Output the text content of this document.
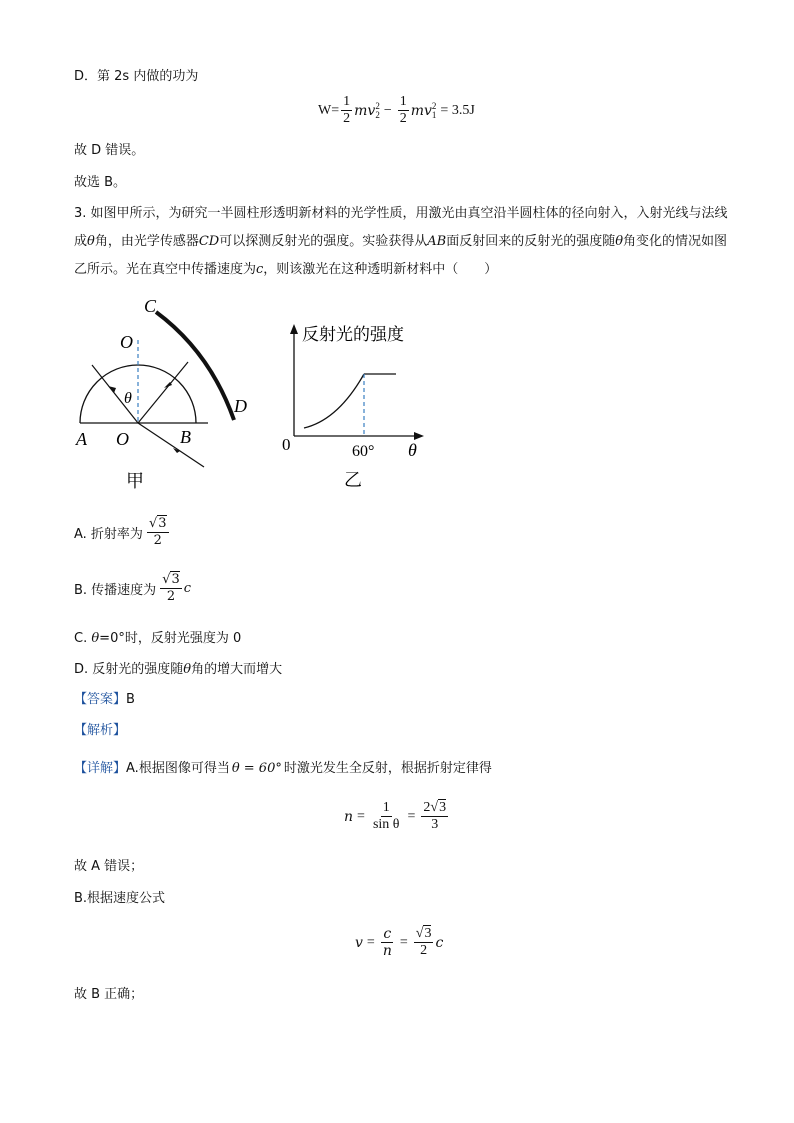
D．第 2s 内做的功为
$W= \frac{1}{2}$ m v 2
$2 - \frac{1}{2}$ m v 2
1 = 3.5J
故 D 错误。
故选 B。
3. 如图甲所示，为研究一半圆柱形透明新材料的光学性质，用激光由真空沿半圆柱体的径向射入，入射光线与法线成θ角，由光学传感器CD可以探测反射光的强度。实验获得从AB面反射回来的反射光的强度随θ角变化的情况如图乙所示。光在真空中传播速度为c，则该激光在这种透明新材料中（　　）
C
O
θ	D
A O	B
甲
反射光的强度
0	60° θ
乙
A. 折射率为 $\frac{√3}{2}$
B. 传播速度为 $\frac{√3}{2}$ c
C. θ=0°时，反射光强度为 0
D. 反射光的强度随θ角的增大而增大
【答案】B
【解析】
【详解】A.根据图像可得当 θ = 60° 时激光发生全反射，根据折射定律得
$n = \frac{1}{\text{sin θ}} = \frac{2√3}{3}$
故 A 错误；
B.根据速度公式
$v = \frac{c}{n} = \frac{√3}{2}$ c
故 B 正确；
